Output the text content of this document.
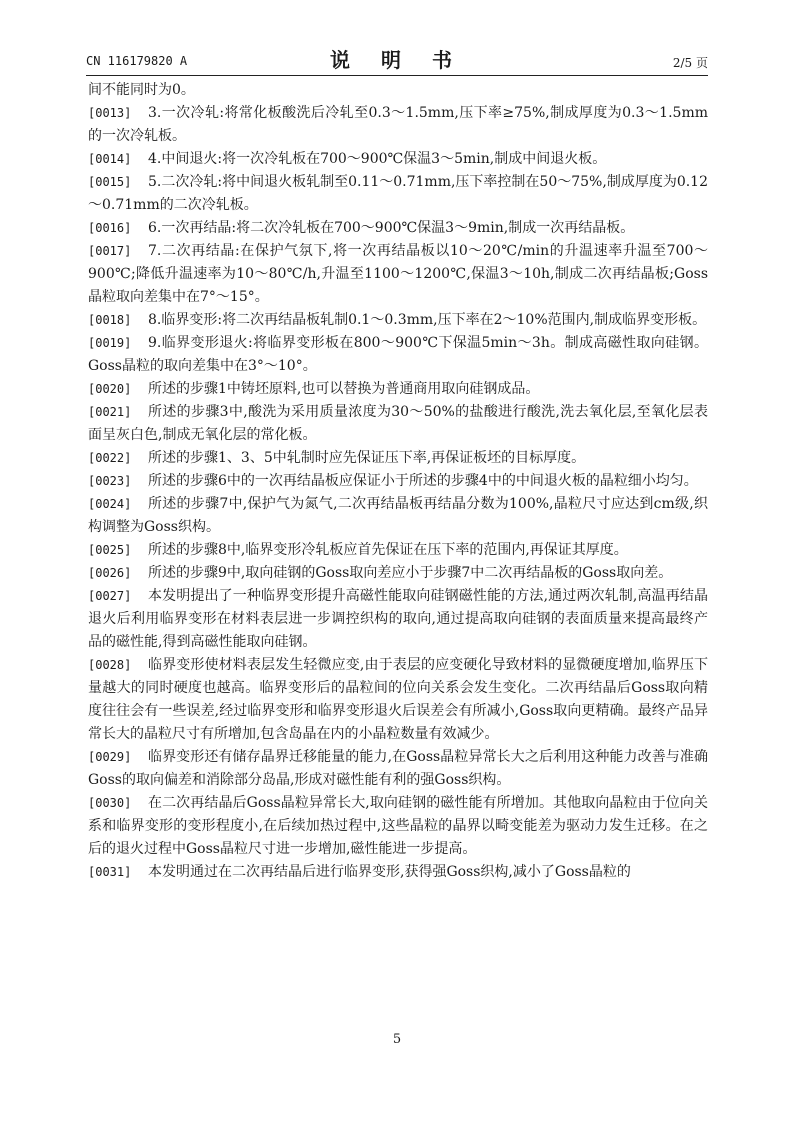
CN 116179820 A	说 明 书	2/5 页

间不能同时为0。

[0013]	3.一次冷轧:将常化板酸洗后冷轧至0.3～1.5mm,压下率≥75%,制成厚度为0.3～1.5mm的一次冷轧板。

[0014]	4.中间退火:将一次冷轧板在700～900℃保温3～5min,制成中间退火板。

[0015]	5.二次冷轧:将中间退火板轧制至0.11～0.71mm,压下率控制在50～75%,制成厚度为0.12～0.71mm的二次冷轧板。

[0016]	6.一次再结晶:将二次冷轧板在700～900℃保温3～9min,制成一次再结晶板。

[0017]	7.二次再结晶:在保护气氛下,将一次再结晶板以10～20℃/min的升温速率升温至700～900℃;降低升温速率为10～80℃/h,升温至1100～1200℃,保温3～10h,制成二次再结晶板;Goss晶粒取向差集中在7°～15°。

[0018]	8.临界变形:将二次再结晶板轧制0.1～0.3mm,压下率在2～10%范围内,制成临界变形板。

[0019]	9.临界变形退火:将临界变形板在800～900℃下保温5min～3h。制成高磁性取向硅钢。Goss晶粒的取向差集中在3°～10°。

[0020]	所述的步骤1中铸坯原料,也可以替换为普通商用取向硅钢成品。

[0021]	所述的步骤3中,酸洗为采用质量浓度为30～50%的盐酸进行酸洗,洗去氧化层,至氧化层表面呈灰白色,制成无氧化层的常化板。

[0022]	所述的步骤1、3、5中轧制时应先保证压下率,再保证板坯的目标厚度。

[0023]	所述的步骤6中的一次再结晶板应保证小于所述的步骤4中的中间退火板的晶粒细小均匀。

[0024]	所述的步骤7中,保护气为氮气,二次再结晶板再结晶分数为100%,晶粒尺寸应达到cm级,织构调整为Goss织构。

[0025]	所述的步骤8中,临界变形冷轧板应首先保证在压下率的范围内,再保证其厚度。

[0026]	所述的步骤9中,取向硅钢的Goss取向差应小于步骤7中二次再结晶板的Goss取向差。

[0027]	本发明提出了一种临界变形提升高磁性能取向硅钢磁性能的方法,通过两次轧制,高温再结晶退火后利用临界变形在材料表层进一步调控织构的取向,通过提高取向硅钢的表面质量来提高最终产品的磁性能,得到高磁性能取向硅钢。

[0028]	临界变形使材料表层发生轻微应变,由于表层的应变硬化导致材料的显微硬度增加,临界压下量越大的同时硬度也越高。临界变形后的晶粒间的位向关系会发生变化。二次再结晶后Goss取向精度往往会有一些误差,经过临界变形和临界变形退火后误差会有所减小,Goss取向更精确。最终产品异常长大的晶粒尺寸有所增加,包含岛晶在内的小晶粒数量有效减少。

[0029]	临界变形还有储存晶界迁移能量的能力,在Goss晶粒异常长大之后利用这种能力改善与准确Goss的取向偏差和消除部分岛晶,形成对磁性能有利的强Goss织构。

[0030]	在二次再结晶后Goss晶粒异常长大,取向硅钢的磁性能有所增加。其他取向晶粒由于位向关系和临界变形的变形程度小,在后续加热过程中,这些晶粒的晶界以畸变能差为驱动力发生迁移。在之后的退火过程中Goss晶粒尺寸进一步增加,磁性能进一步提高。

[0031]	本发明通过在二次再结晶后进行临界变形,获得强Goss织构,减小了Goss晶粒的

5
